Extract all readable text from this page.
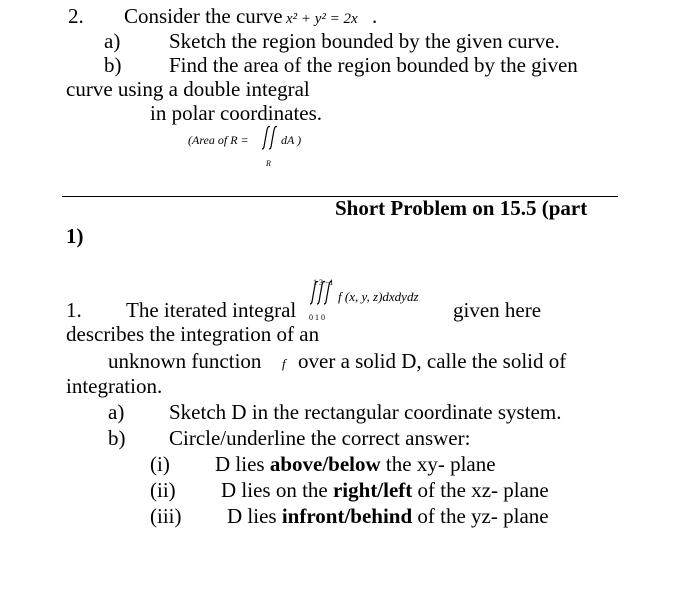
2. Consider the curve x² + y² = 2x .
a) Sketch the region bounded by the given curve.
b) Find the area of the region bounded by the given
curve using a double integral
in polar coordinates.
(Area of R =
R
dA )
Short Problem on 15.5 (part
1)
1 3 −1
0 1 0
f (x, y, z)dxdydz
1. The iterated integral	given here
describes the integration of an
unknown function f over a solid D, calle the solid of
integration.
a) Sketch D in the rectangular coordinate system.
b) Circle/underline the correct answer:
(i) D lies above/below the xy- plane
(ii) D lies on the right/left of the xz- plane
(iii) D lies infront/behind of the yz- plane
